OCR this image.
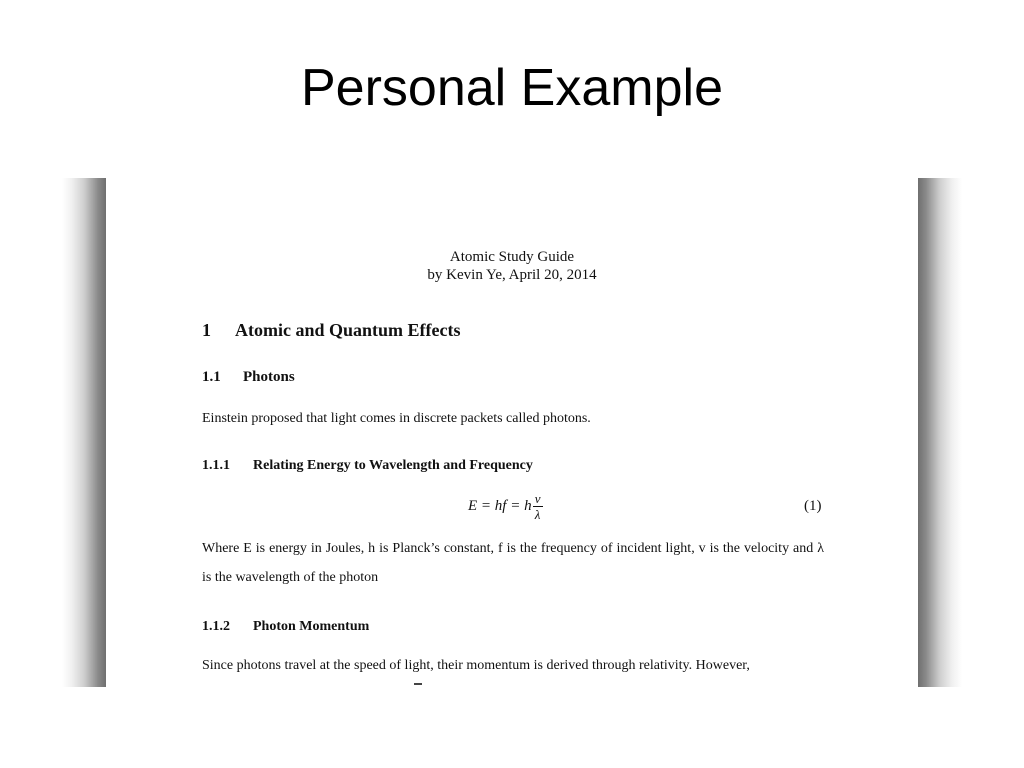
Personal Example
Atomic Study Guide
by Kevin Ye, April 20, 2014
1 Atomic and Quantum Effects
1.1 Photons
Einstein proposed that light comes in discrete packets called photons.
1.1.1 Relating Energy to Wavelength and Frequency
E = hf = h $\frac{v}{\lambda}$	(1)
Where E is energy in Joules, h is Planck’s constant, f is the frequency of incident light, v is the velocity and λ is the wavelength of the photon
1.1.2 Photon Momentum
Since photons travel at the speed of light, their momentum is derived through relativity. However,
